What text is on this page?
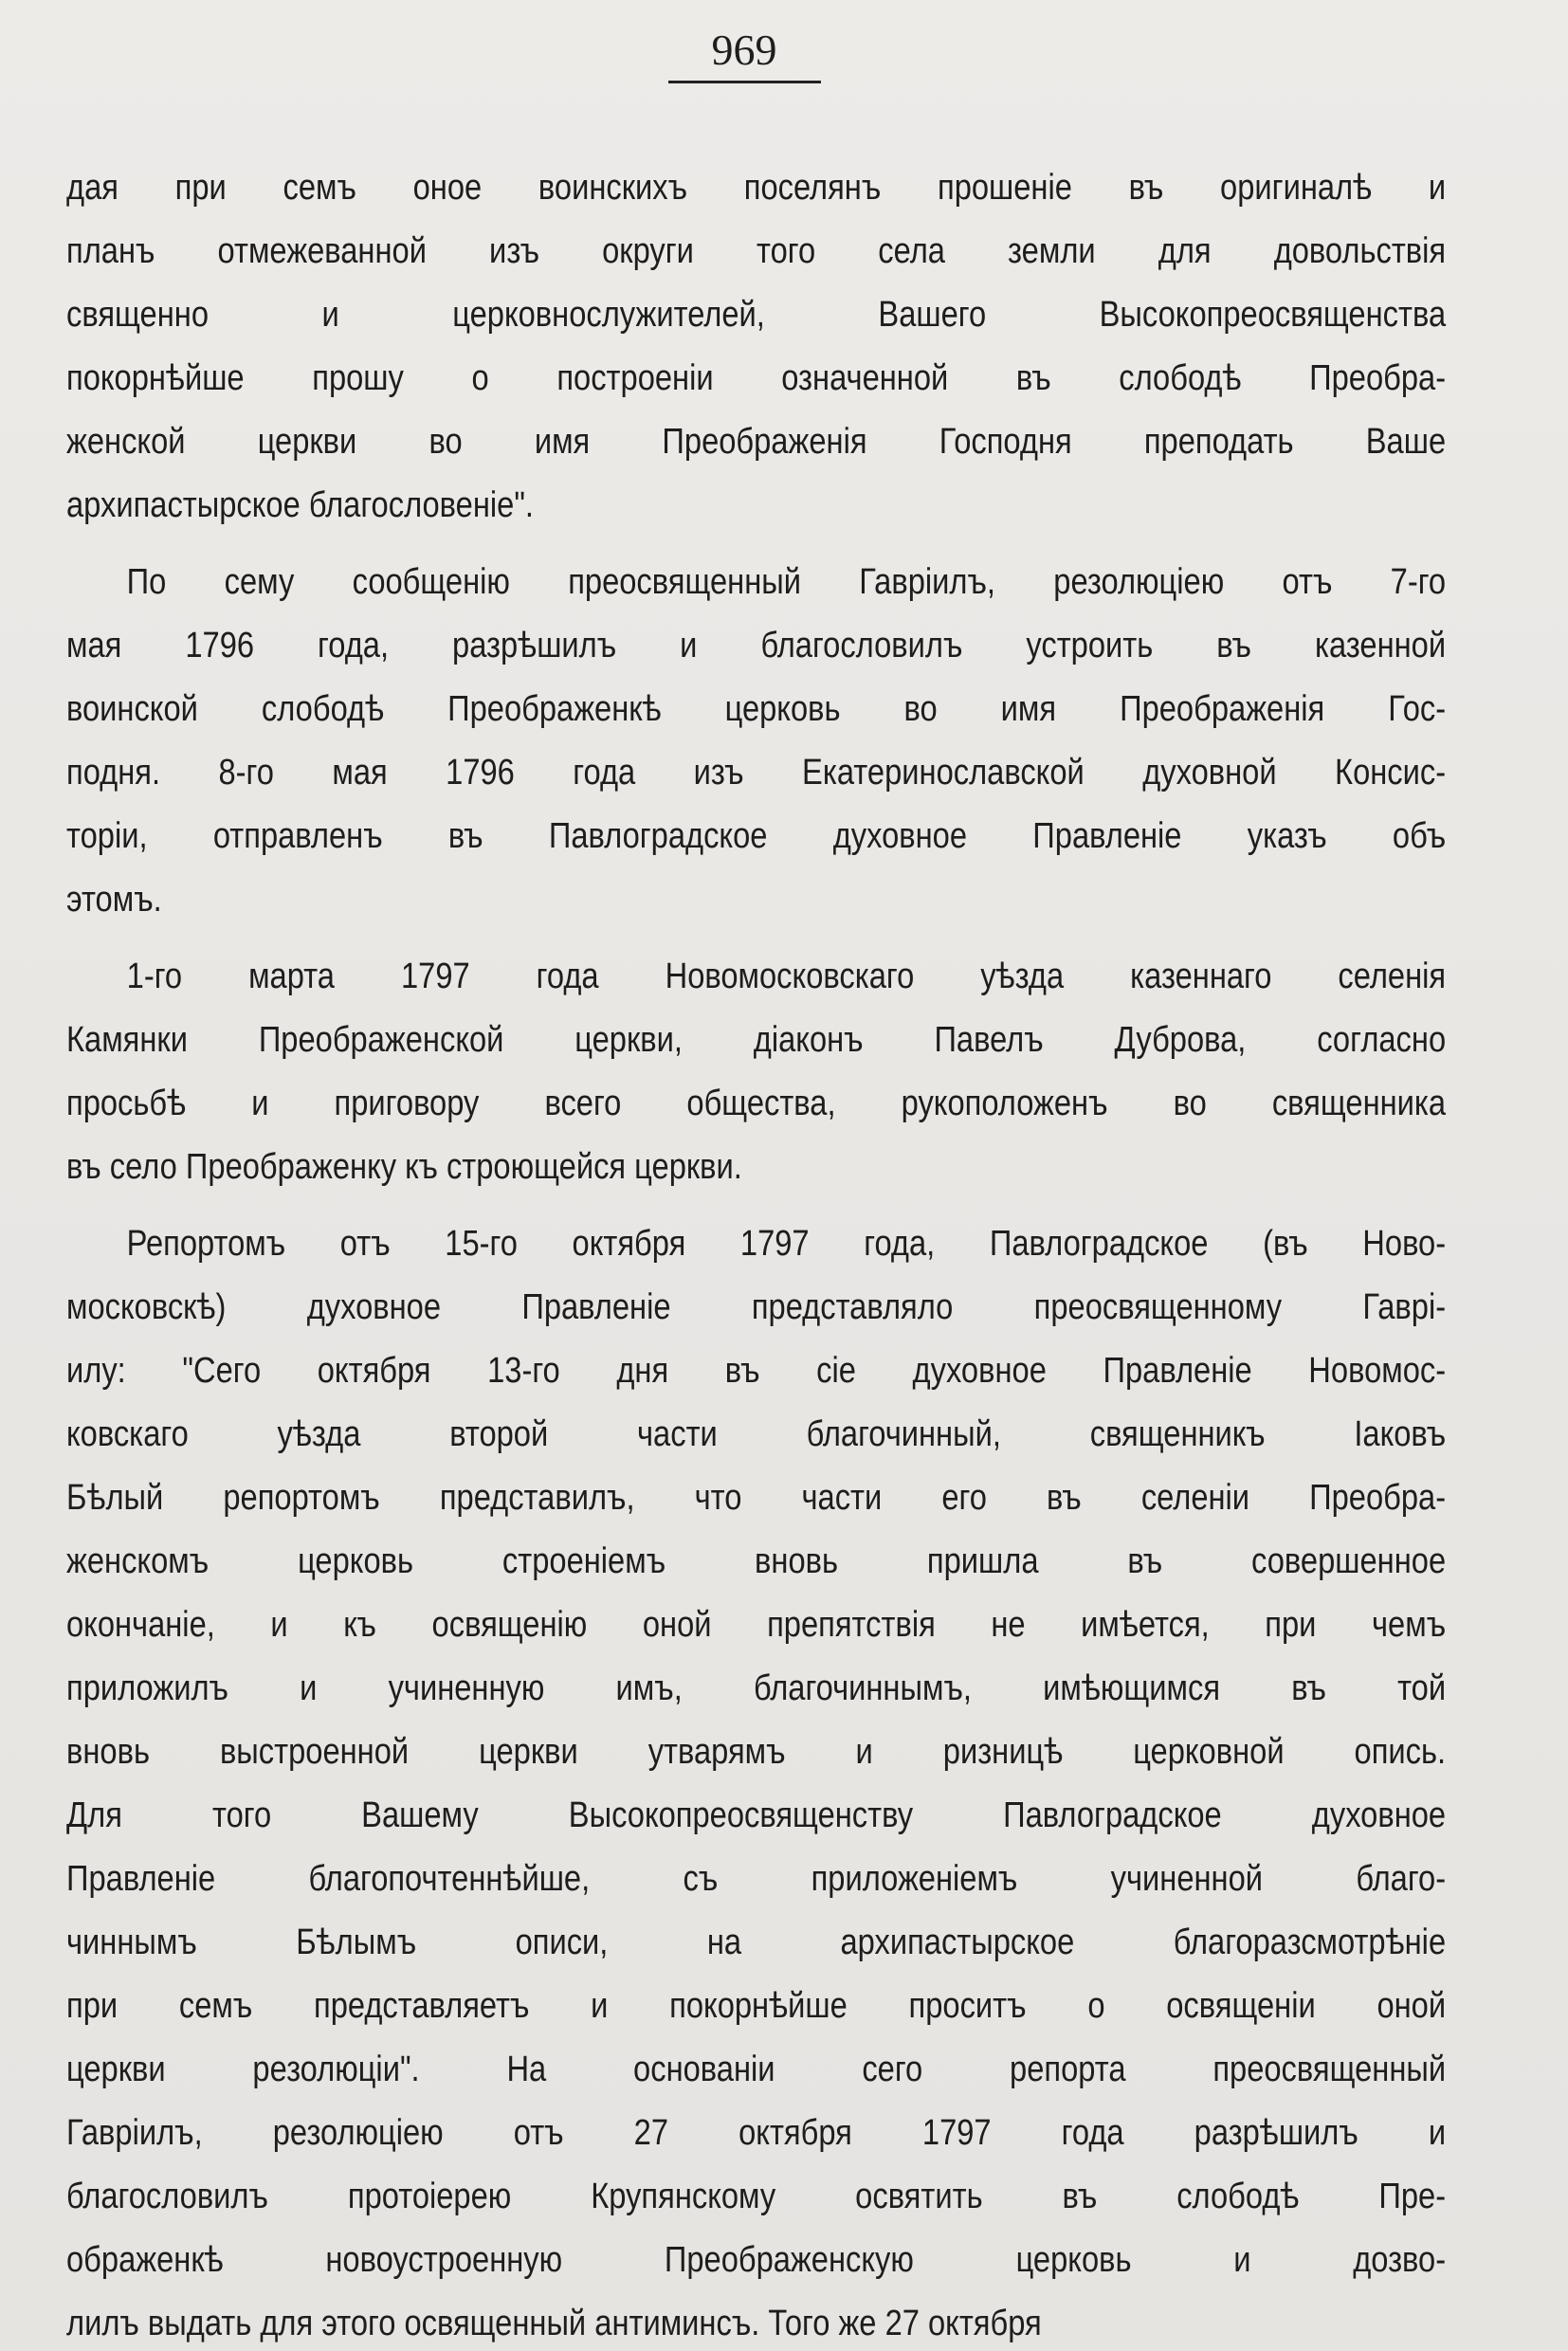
969
дая при семъ оное воинскихъ поселянъ прошеніе въ оригиналѣ и
планъ отмежеванной изъ округи того села земли для довольствія
священно и церковнослужителей, Вашего Высокопреосвященства
покорнѣйше прошу о построеніи означенной въ слободѣ Преобра-
женской церкви во имя Преображенія Господня преподать Ваше
архипастырское благословеніе".
По сему сообщенію преосвященный Гавріилъ, резолюціею отъ 7-го
мая 1796 года, разрѣшилъ и благословилъ устроить въ казенной
воинской слободѣ Преображенкѣ церковь во имя Преображенія Гос-
подня. 8-го мая 1796 года изъ Екатеринославской духовной Консис-
торіи, отправленъ въ Павлоградское духовное Правленіе указъ объ
этомъ.
1-го марта 1797 года Новомосковскаго уѣзда казеннаго селенія
Камянки Преображенской церкви, діаконъ Павелъ Дуброва, согласно
просьбѣ и приговору всего общества, рукоположенъ во священника
въ село Преображенку къ строющейся церкви.
Репортомъ отъ 15-го октября 1797 года, Павлоградское (въ Ново-
московскѣ) духовное Правленіе представляло преосвященному Гаврі-
илу: "Сего октября 13-го дня въ сіе духовное Правленіе Новомос-
ковскаго уѣзда второй части благочинный, священникъ Іаковъ
Бѣлый репортомъ представилъ, что части его въ селеніи Преобра-
женскомъ церковь строеніемъ вновь пришла въ совершенное
окончаніе, и къ освященію оной препятствія не имѣется, при чемъ
приложилъ и учиненную имъ, благочиннымъ, имѣющимся въ той
вновь выстроенной церкви утварямъ и ризницѣ церковной опись.
Для того Вашему Высокопреосвященству Павлоградское духовное
Правленіе благопочтеннѣйше, съ приложеніемъ учиненной благо-
чиннымъ Бѣлымъ описи, на архипастырское благоразсмотрѣніе
при семъ представляетъ и покорнѣйше проситъ о освященіи оной
церкви резолюціи". На основаніи сего репорта преосвященный
Гавріилъ, резолюціею отъ 27 октября 1797 года разрѣшилъ и
благословилъ протоіерею Крупянскому освятить въ слободѣ Пре-
ображенкѣ новоустроенную Преображенскую церковь и дозво-
лилъ выдать для этого освященный антиминсъ. Того же 27 октября
